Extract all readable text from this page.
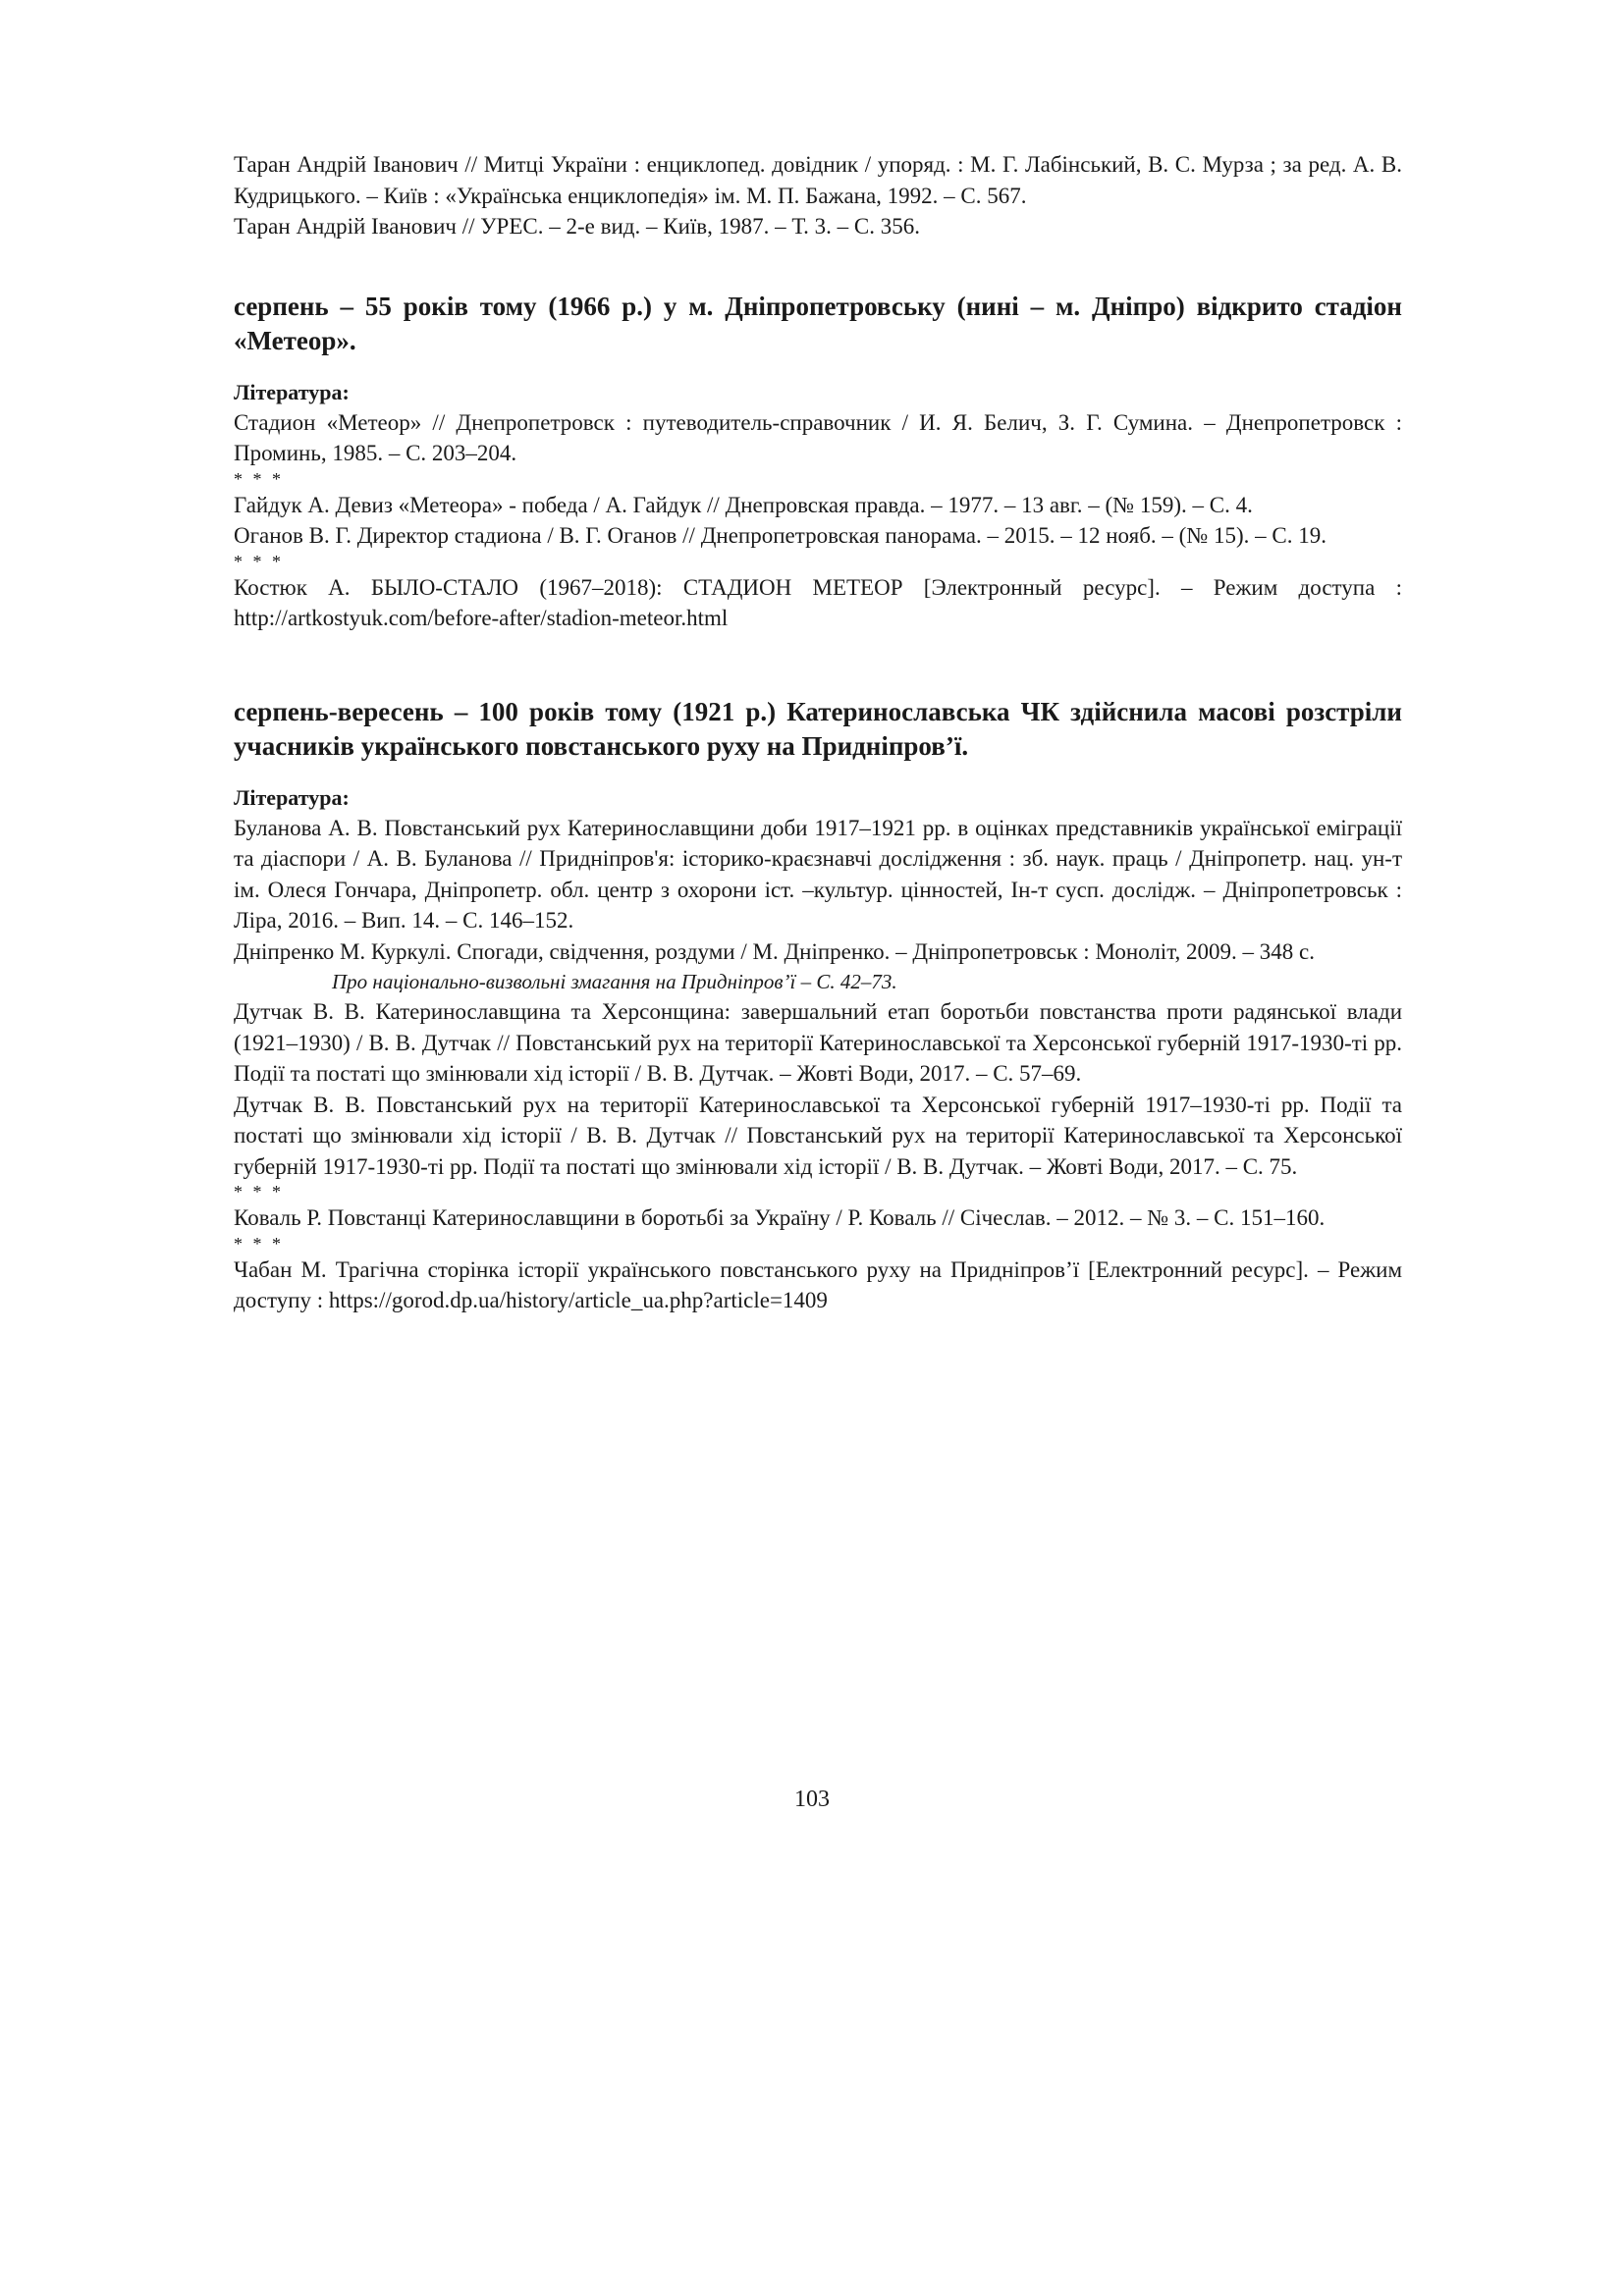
Таран Андрій Іванович // Митці України : енциклопед. довідник / упоряд. : М. Г. Лабінський, В. С. Мурза ; за ред. А. В. Кудрицького. – Київ : «Українська енциклопедія» ім. М. П. Бажана, 1992. – С. 567.

Таран Андрій Іванович // УРЕС. – 2-е вид. – Київ, 1987. – Т. 3. – С. 356.

серпень – 55 років тому (1966 р.) у м. Дніпропетровську (нині – м. Дніпро) відкрито стадіон «Метеор».

Література:

Стадион «Метеор» // Днепропетровск : путеводитель-справочник / И. Я. Белич, З. Г. Сумина. – Днепропетровск : Проминь, 1985. – С. 203–204.

* * *

Гайдук А. Девиз «Метеора» - победа / А. Гайдук // Днепровская правда. – 1977. – 13 авг. – (№ 159). – С. 4.

Оганов В. Г. Директор стадиона / В. Г. Оганов // Днепропетровская панорама. – 2015. – 12 нояб. – (№ 15). – С. 19.

* * *

Костюк А. БЫЛО-СТАЛО (1967–2018): СТАДИОН МЕТЕОР [Электронный ресурс]. – Режим доступа : http://artkostyuk.com/before-after/stadion-meteor.html

серпень-вересень – 100 років тому (1921 р.) Катеринославська ЧК здійснила масові розстріли учасників українського повстанського руху на Придніпров’ї.

Література:

Буланова А. В. Повстанський рух Катеринославщини доби 1917–1921 рр. в оцінках представників української еміграції та діаспори / А. В. Буланова // Придніпров'я: історико-краєзнавчі дослідження : зб. наук. праць / Дніпропетр. нац. ун-т ім. Олеся Гончара, Дніпропетр. обл. центр з охорони іст. –культур. цінностей, Ін-т сусп. дослідж. – Дніпропетровськ : Ліра, 2016. – Вип. 14. – С. 146–152.

Дніпренко М. Куркулі. Спогади, свідчення, роздуми / М. Дніпренко. – Дніпропетровськ : Моноліт, 2009. – 348 с.

Про національно-визвольні змагання на Придніпров’ї – С. 42–73.

Дутчак В. В. Катеринославщина та Херсонщина: завершальний етап боротьби повстанства проти радянської влади (1921–1930) / В. В. Дутчак // Повстанський рух на території Катеринославської та Херсонської губерній 1917-1930-ті рр. Події та постаті що змінювали хід історії / В. В. Дутчак. – Жовті Води, 2017. – С. 57–69.

Дутчак В. В. Повстанський рух на території Катеринославської та Херсонської губерній 1917–1930-ті рр. Події та постаті що змінювали хід історії / В. В. Дутчак // Повстанський рух на території Катеринославської та Херсонської губерній 1917-1930-ті рр. Події та постаті що змінювали хід історії / В. В. Дутчак. – Жовті Води, 2017. – С. 75.

* * *

Коваль Р. Повстанці Катеринославщини в боротьбі за Україну / Р. Коваль // Січеслав. – 2012. – № 3. – С. 151–160.

* * *

Чабан М. Трагічна сторінка історії українського повстанського руху на Придніпров’ї [Електронний ресурс]. – Режим доступу : https://gorod.dp.ua/history/article_ua.php?article=1409

103
